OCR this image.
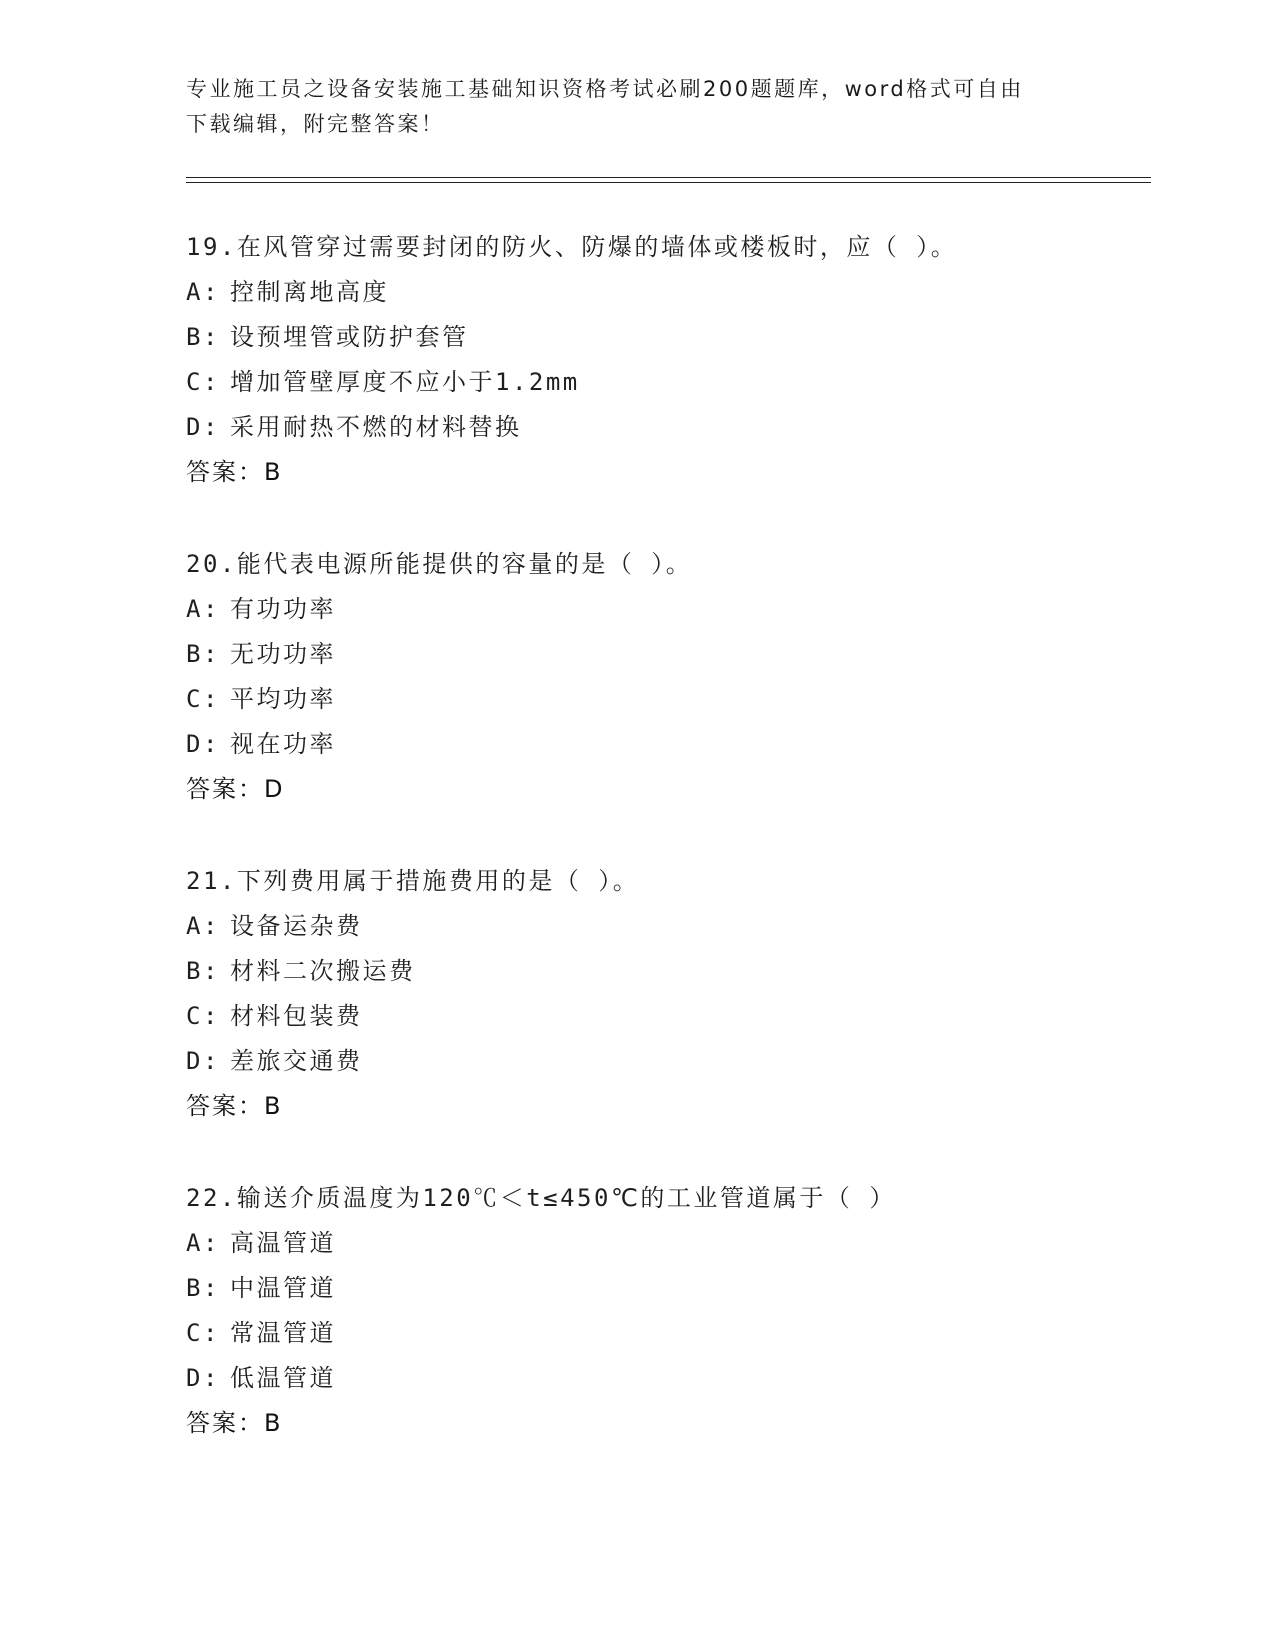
专业施工员之设备安装施工基础知识资格考试必刷200题题库，word格式可自由
下载编辑，附完整答案！
19.在风管穿过需要封闭的防火、防爆的墙体或楼板时，应（ ）。
A: 控制离地高度
B: 设预埋管或防护套管
C: 增加管壁厚度不应小于1.2mm
D: 采用耐热不燃的材料替换
答案：B
20.能代表电源所能提供的容量的是（ ）。
A: 有功功率
B: 无功功率
C: 平均功率
D: 视在功率
答案：D
21.下列费用属于措施费用的是（ ）。
A: 设备运杂费
B: 材料二次搬运费
C: 材料包装费
D: 差旅交通费
答案：B
22.输送介质温度为120℃＜t≤450℃的工业管道属于（ ）
A: 高温管道
B: 中温管道
C: 常温管道
D: 低温管道
答案：B
